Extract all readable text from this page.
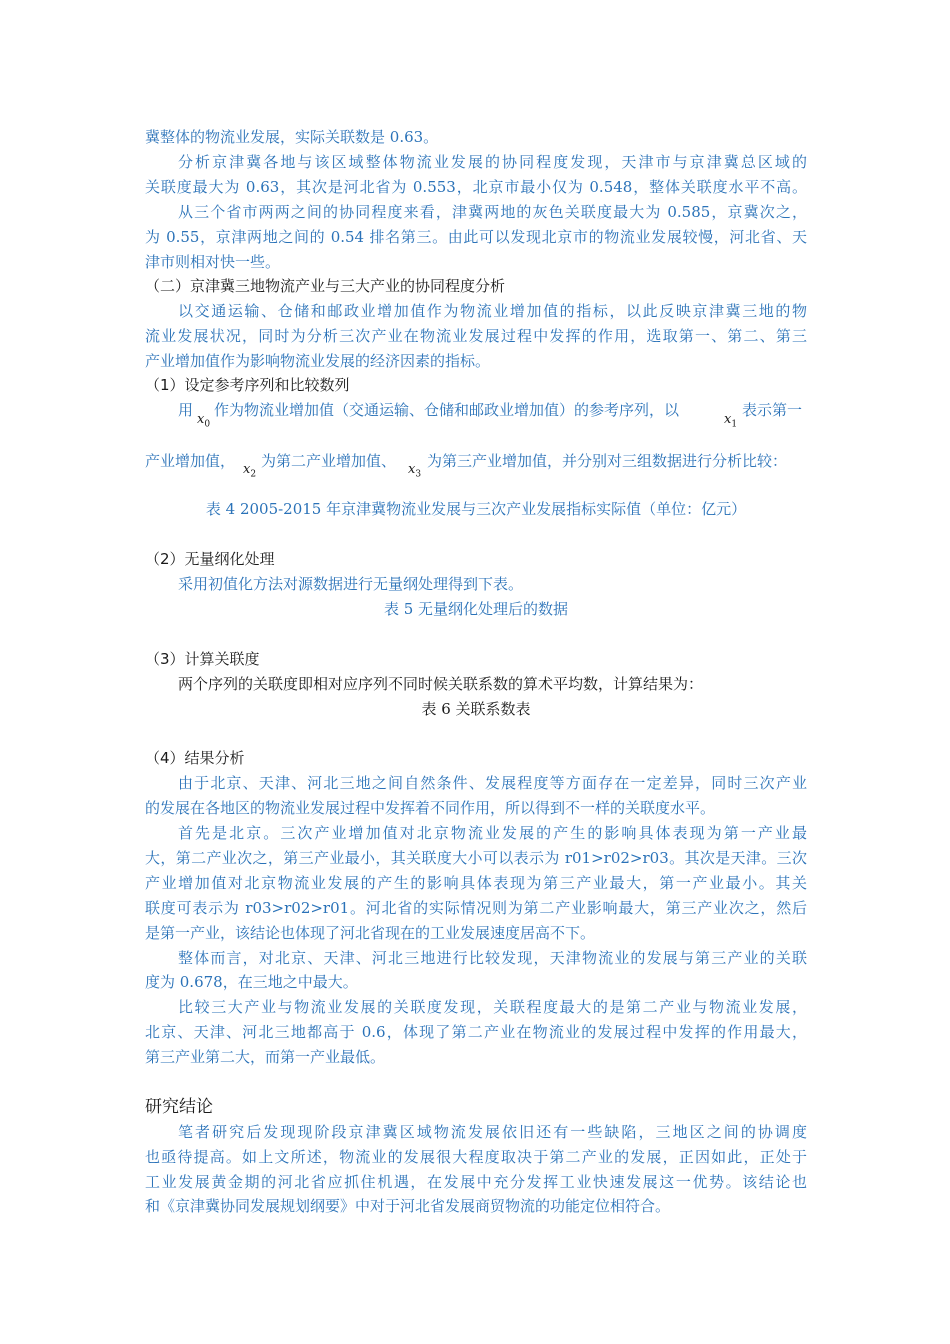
冀整体的物流业发展，实际关联数是 0.63。
分析京津冀各地与该区域整体物流业发展的协同程度发现，天津市与京津冀总区域的
关联度最大为 0.63，其次是河北省为 0.553，北京市最小仅为 0.548，整体关联度水平不高。
从三个省市两两之间的协同程度来看，津冀两地的灰色关联度最大为 0.585，京冀次之，
为 0.55，京津两地之间的 0.54 排名第三。由此可以发现北京市的物流业发展较慢，河北省、天
津市则相对快一些。
（二）京津冀三地物流产业与三大产业的协同程度分析
以交通运输、仓储和邮政业增加值作为物流业增加值的指标，以此反映京津冀三地的物
流业发展状况，同时为分析三次产业在物流业发展过程中发挥的作用，选取第一、第二、第三
产业增加值作为影响物流业发展的经济因素的指标。
（1）设定参考序列和比较数列
用
$x_0$
作为物流业增加值（交通运输、仓储和邮政业增加值）的参考序列，以
$x_1$
表示第一
产业增加值， $x_2$
为第二产业增加值、 $x_3$
为第三产业增加值，并分别对三组数据进行分析比较：
表 4 2005-2015 年京津冀物流业发展与三次产业发展指标实际值（单位：亿元）
（2）无量纲化处理
采用初值化方法对源数据进行无量纲处理得到下表。
表 5 无量纲化处理后的数据
（3）计算关联度
两个序列的关联度即相对应序列不同时候关联系数的算术平均数，计算结果为：
表 6 关联系数表
（4）结果分析
由于北京、天津、河北三地之间自然条件、发展程度等方面存在一定差异，同时三次产业
的发展在各地区的物流业发展过程中发挥着不同作用，所以得到不一样的关联度水平。
首先是北京。三次产业增加值对北京物流业发展的产生的影响具体表现为第一产业最
大，第二产业次之，第三产业最小，其关联度大小可以表示为 r01>r02>r03。其次是天津。三次
产业增加值对北京物流业发展的产生的影响具体表现为第三产业最大，第一产业最小。其关
联度可表示为 r03>r02>r01。河北省的实际情况则为第二产业影响最大，第三产业次之，然后
是第一产业，该结论也体现了河北省现在的工业发展速度居高不下。
整体而言，对北京、天津、河北三地进行比较发现，天津物流业的发展与第三产业的关联
度为 0.678，在三地之中最大。
比较三大产业与物流业发展的关联度发现，关联程度最大的是第二产业与物流业发展，
北京、天津、河北三地都高于 0.6，体现了第二产业在物流业的发展过程中发挥的作用最大，
第三产业第二大，而第一产业最低。
研究结论
笔者研究后发现现阶段京津冀区域物流发展依旧还有一些缺陷，三地区之间的协调度
也亟待提高。如上文所述，物流业的发展很大程度取决于第二产业的发展，正因如此，正处于
工业发展黄金期的河北省应抓住机遇，在发展中充分发挥工业快速发展这一优势。该结论也
和《京津冀协同发展规划纲要》中对于河北省发展商贸物流的功能定位相符合。
